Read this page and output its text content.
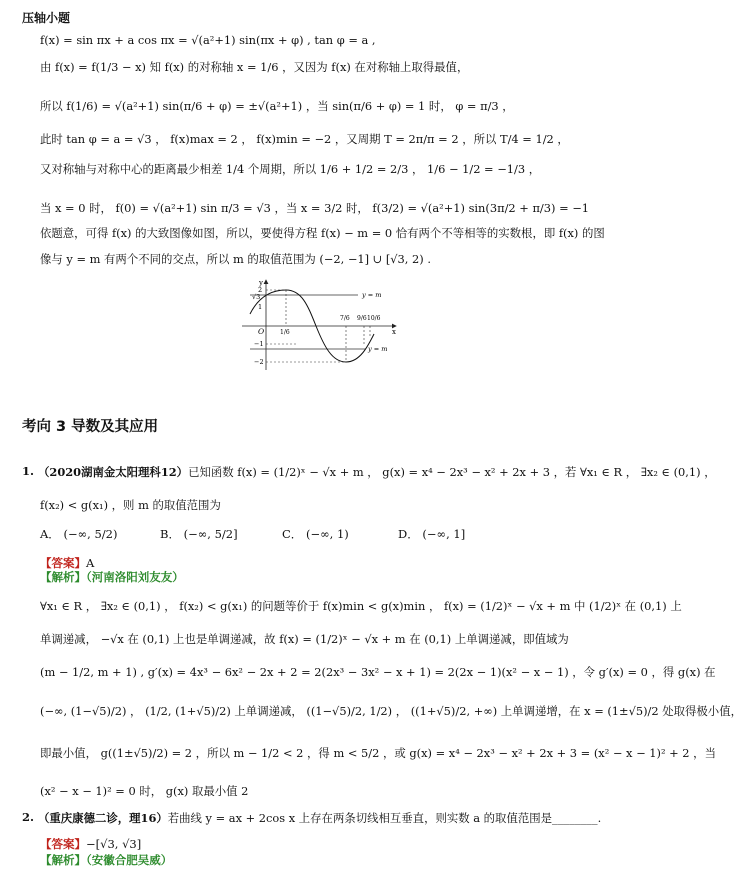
压轴小题
f(x) = sin πx + a cos πx = √(a²+1) sin(πx + φ) , tan φ = a ,
由 f(x) = f(1/3 − x) 知 f(x) 的对称轴 x = 1/6 ，又因为 f(x) 在对称轴上取得最值，
所以 f(1/6) = √(a²+1) sin(π/6 + φ) = ±√(a²+1) ，当 sin(π/6 + φ) = 1 时， φ = π/3 ，
此时 tan φ = a = √3 ， f(x)max = 2 ， f(x)min = −2 ，又周期 T = 2π/π = 2 ，所以 T/4 = 1/2 ，
又对称轴与对称中心的距离最少相差 1/4 个周期，所以 1/6 + 1/2 = 2/3 ， 1/6 − 1/2 = −1/3 ，
当 x = 0 时， f(0) = √(a²+1) sin π/3 = √3 ，当 x = 3/2 时， f(3/2) = √(a²+1) sin(3π/2 + π/3) = −1
依题意，可得 f(x) 的大致图像如图，所以，要使得方程 f(x) − m = 0 恰有两个不等相等的实数根，即 f(x) 的图
像与 y = m 有两个不同的交点，所以 m 的取值范围为 (−2, −1] ∪ [√3, 2) .
y
2
√3
1
−1
−2
O	1/6
7/6 9/6 10/6
x
y = m
y = m
考向 3 导数及其应用
1. （2020湖南金太阳理科12）已知函数 f(x) = (1/2)ˣ − √x + m ， g(x) = x⁴ − 2x³ − x² + 2x + 3 ，若 ∀x₁ ∈ R ， ∃x₂ ∈ (0,1) ，
f(x₂) < g(x₁) ，则 m 的取值范围为
A． (−∞, 5/2)	B． (−∞, 5/2]	C． (−∞, 1)	D． (−∞, 1]
【答案】A
【解析】（河南洛阳刘友友）
∀x₁ ∈ R ， ∃x₂ ∈ (0,1) ， f(x₂) < g(x₁) 的问题等价于 f(x)min < g(x)min ， f(x) = (1/2)ˣ − √x + m 中 (1/2)ˣ 在 (0,1) 上
单调递减， −√x 在 (0,1) 上也是单调递减，故 f(x) = (1/2)ˣ − √x + m 在 (0,1) 上单调递减，即值域为
(m − 1/2, m + 1) , g′(x) = 4x³ − 6x² − 2x + 2 = 2(2x³ − 3x² − x + 1) = 2(2x − 1)(x² − x − 1) ，令 g′(x) = 0 ，得 g(x) 在
(−∞, (1−√5)/2) ， (1/2, (1+√5)/2) 上单调递减， ((1−√5)/2, 1/2) ， ((1+√5)/2, +∞) 上单调递增，在 x = (1±√5)/2 处取得极小值，
即最小值， g((1±√5)/2) = 2 ，所以 m − 1/2 < 2 ，得 m < 5/2 ，或 g(x) = x⁴ − 2x³ − x² + 2x + 3 = (x² − x − 1)² + 2 ，当
(x² − x − 1)² = 0 时， g(x) 取最小值 2
2. （重庆康德二诊，理16）若曲线 y = ax + 2cos x 上存在两条切线相互垂直，则实数 a 的取值范围是________.
【答案】−[√3, √3]
【解析】（安徽合肥吴威）
